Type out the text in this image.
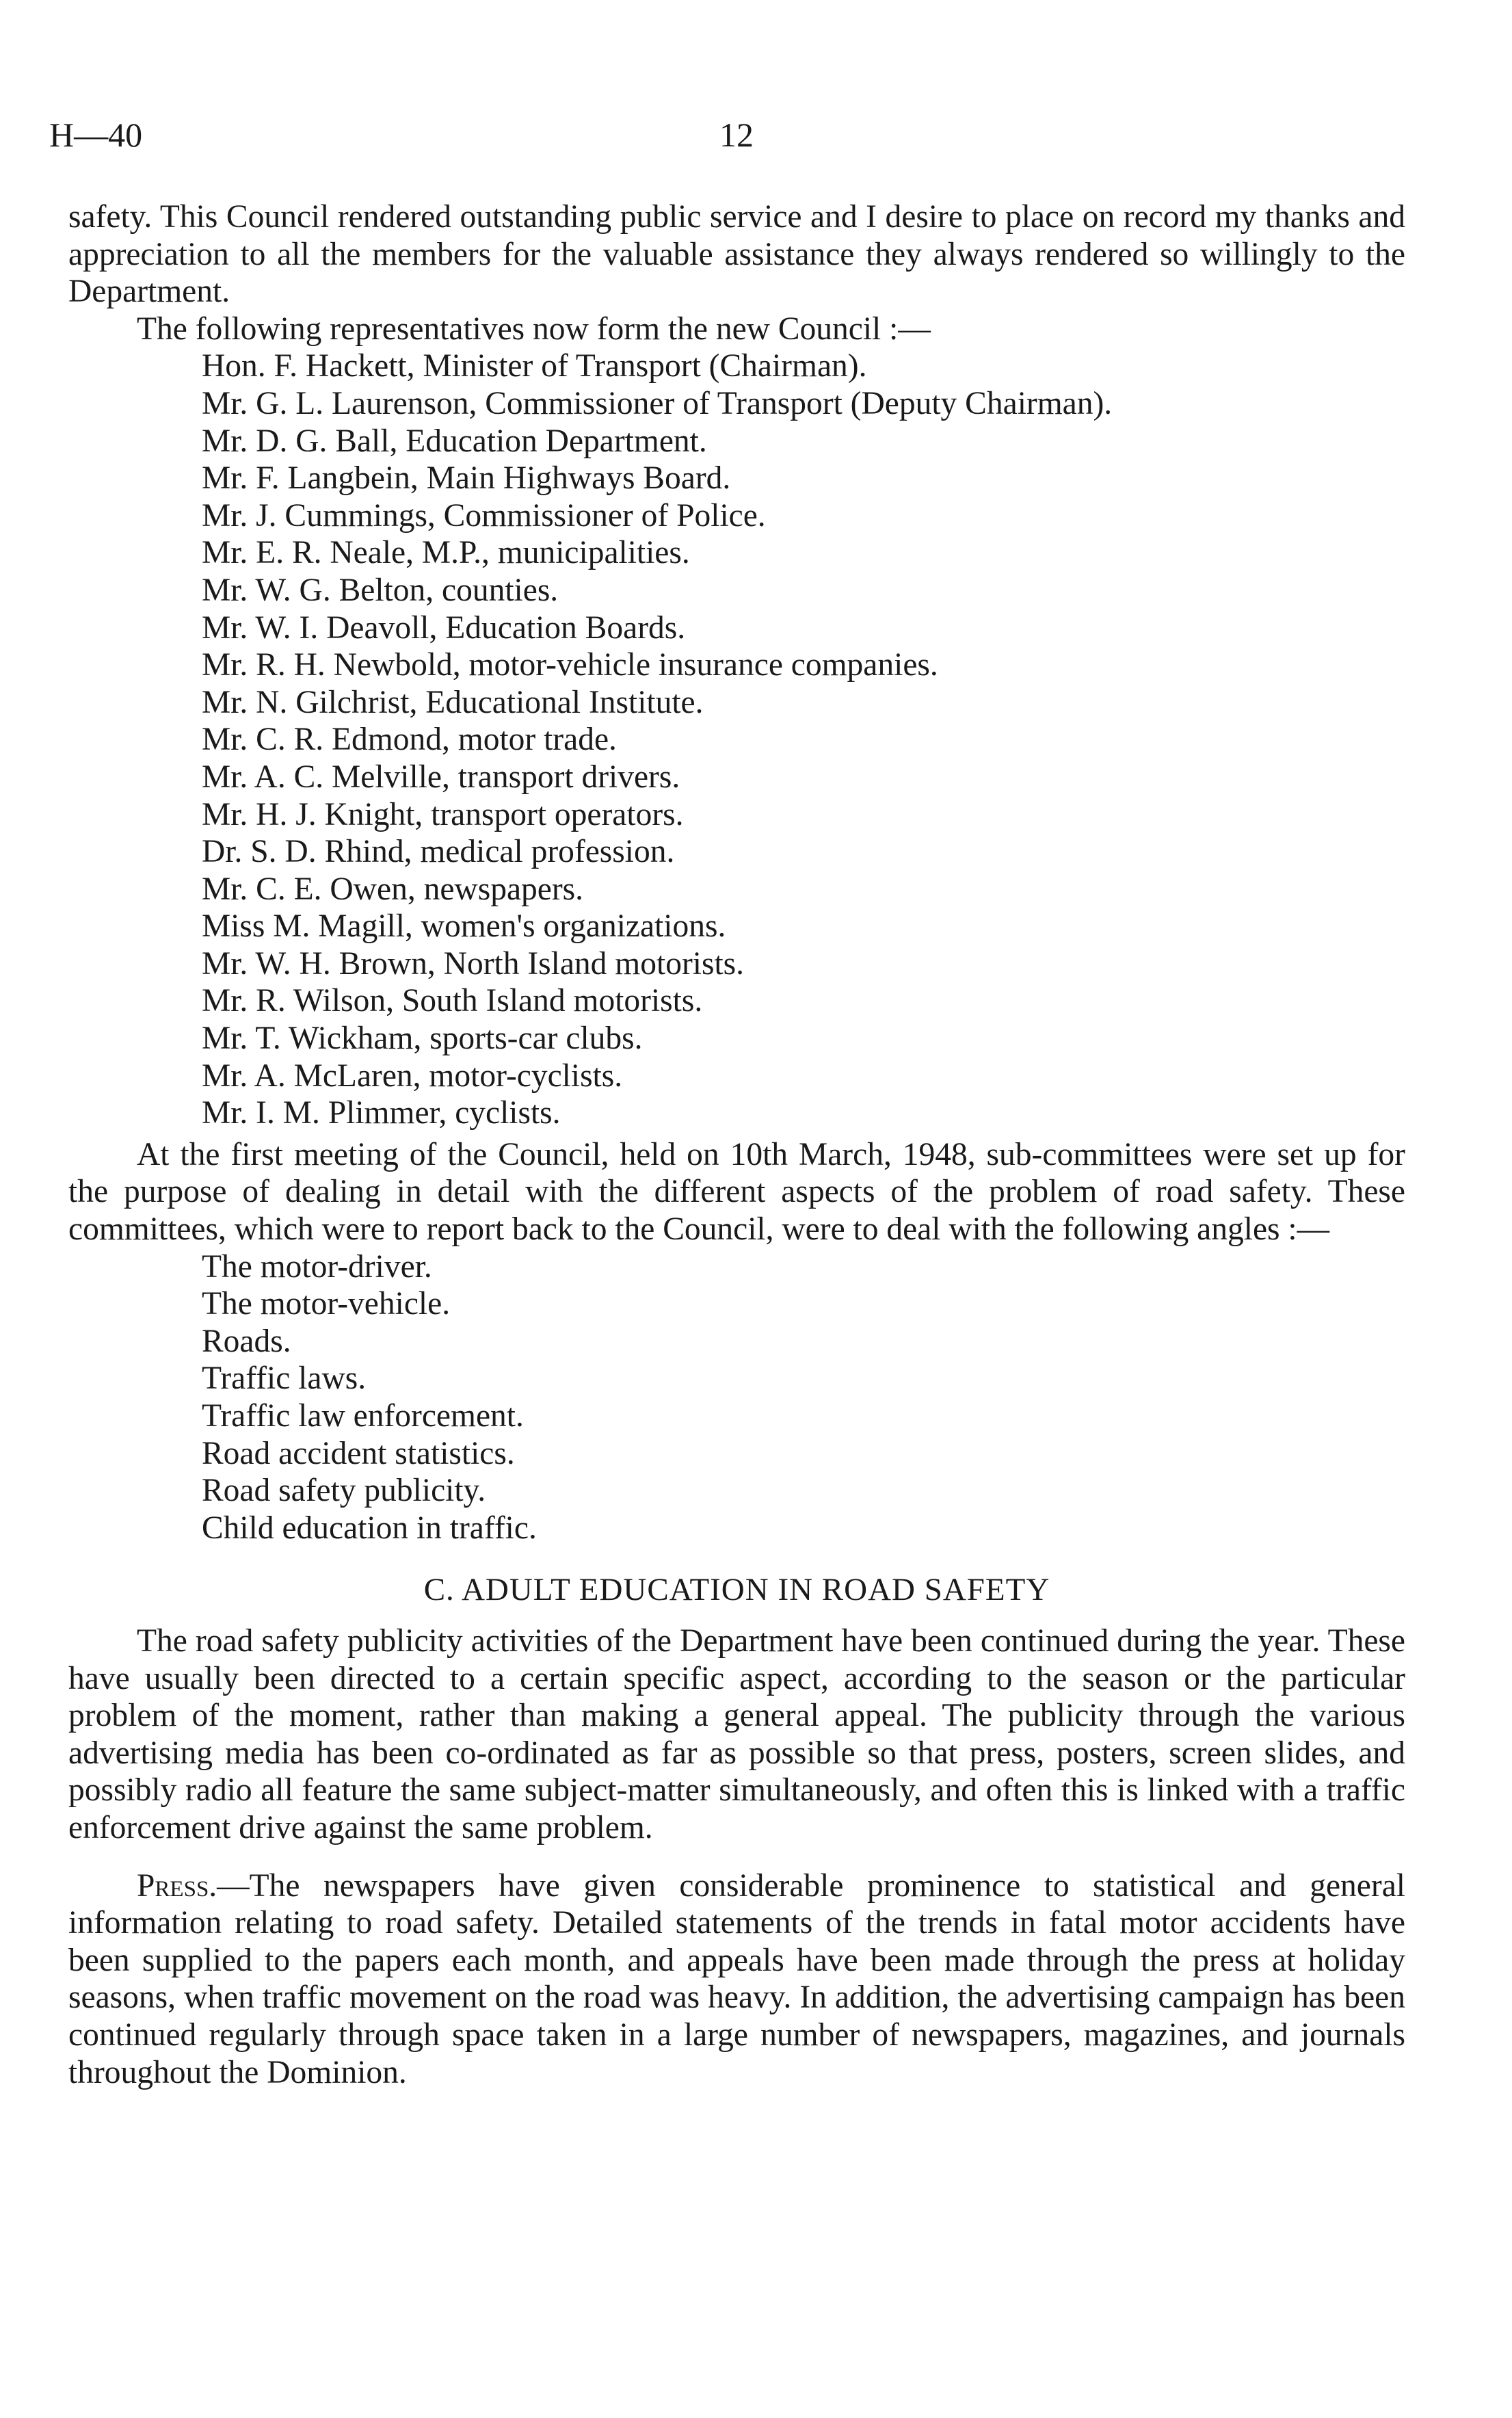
H—40	12

safety. This Council rendered outstanding public service and I desire to place on record my thanks and appreciation to all the members for the valuable assistance they always rendered so willingly to the Department.

The following representatives now form the new Council :—

Hon. F. Hackett, Minister of Transport (Chairman).
Mr. G. L. Laurenson, Commissioner of Transport (Deputy Chairman).
Mr. D. G. Ball, Education Department.
Mr. F. Langbein, Main Highways Board.
Mr. J. Cummings, Commissioner of Police.
Mr. E. R. Neale, M.P., municipalities.
Mr. W. G. Belton, counties.
Mr. W. I. Deavoll, Education Boards.
Mr. R. H. Newbold, motor-vehicle insurance companies.
Mr. N. Gilchrist, Educational Institute.
Mr. C. R. Edmond, motor trade.
Mr. A. C. Melville, transport drivers.
Mr. H. J. Knight, transport operators.
Dr. S. D. Rhind, medical profession.
Mr. C. E. Owen, newspapers.
Miss M. Magill, women's organizations.
Mr. W. H. Brown, North Island motorists.
Mr. R. Wilson, South Island motorists.
Mr. T. Wickham, sports-car clubs.
Mr. A. McLaren, motor-cyclists.
Mr. I. M. Plimmer, cyclists.

At the first meeting of the Council, held on 10th March, 1948, sub-committees were set up for the purpose of dealing in detail with the different aspects of the problem of road safety. These committees, which were to report back to the Council, were to deal with the following angles :—

The motor-driver.
The motor-vehicle.
Roads.
Traffic laws.
Traffic law enforcement.
Road accident statistics.
Road safety publicity.
Child education in traffic.
C. ADULT EDUCATION IN ROAD SAFETY

The road safety publicity activities of the Department have been continued during the year. These have usually been directed to a certain specific aspect, according to the season or the particular problem of the moment, rather than making a general appeal. The publicity through the various advertising media has been co-ordinated as far as possible so that press, posters, screen slides, and possibly radio all feature the same subject-matter simultaneously, and often this is linked with a traffic enforcement drive against the same problem.

Press.—The newspapers have given considerable prominence to statistical and general information relating to road safety. Detailed statements of the trends in fatal motor accidents have been supplied to the papers each month, and appeals have been made through the press at holiday seasons, when traffic movement on the road was heavy. In addition, the advertising campaign has been continued regularly through space taken in a large number of newspapers, magazines, and journals throughout the Dominion.
